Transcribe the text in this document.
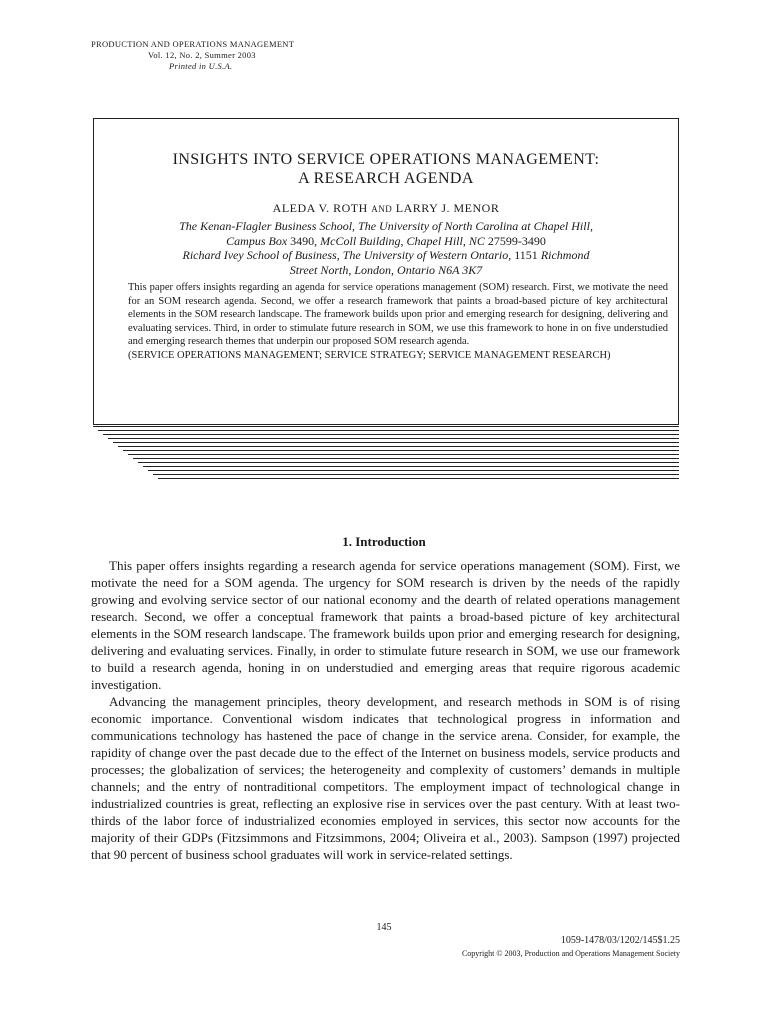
PRODUCTION AND OPERATIONS MANAGEMENT
Vol. 12, No. 2, Summer 2003
Printed in U.S.A.
INSIGHTS INTO SERVICE OPERATIONS MANAGEMENT:
A RESEARCH AGENDA
ALEDA V. ROTH AND LARRY J. MENOR
The Kenan-Flagler Business School, The University of North Carolina at Chapel Hill,
Campus Box 3490, McColl Building, Chapel Hill, NC 27599-3490
Richard Ivey School of Business, The University of Western Ontario, 1151 Richmond
Street North, London, Ontario N6A 3K7
This paper offers insights regarding an agenda for service operations management (SOM) research. First, we motivate the need for an SOM research agenda. Second, we offer a research framework that paints a broad-based picture of key architectural elements in the SOM research landscape. The framework builds upon prior and emerging research for designing, delivering and evaluating services. Third, in order to stimulate future research in SOM, we use this framework to hone in on five understudied and emerging research themes that underpin our proposed SOM research agenda.
(SERVICE OPERATIONS MANAGEMENT; SERVICE STRATEGY; SERVICE MANAGEMENT RESEARCH)
1. Introduction

This paper offers insights regarding a research agenda for service operations management (SOM). First, we motivate the need for a SOM agenda. The urgency for SOM research is driven by the needs of the rapidly growing and evolving service sector of our national economy and the dearth of related operations management research. Second, we offer a conceptual framework that paints a broad-based picture of key architectural elements in the SOM research landscape. The framework builds upon prior and emerging research for designing, delivering and evaluating services. Finally, in order to stimulate future research in SOM, we use our framework to build a research agenda, honing in on understudied and emerging areas that require rigorous academic investigation.

Advancing the management principles, theory development, and research methods in SOM is of rising economic importance. Conventional wisdom indicates that technological progress in information and communications technology has hastened the pace of change in the service arena. Consider, for example, the rapidity of change over the past decade due to the effect of the Internet on business models, service products and processes; the globalization of services; the heterogeneity and complexity of customers’ demands in multiple channels; and the entry of nontraditional competitors. The employment impact of technological change in industrialized countries is great, reflecting an explosive rise in services over the past century. With at least two-thirds of the labor force of industrialized economies employed in services, this sector now accounts for the majority of their GDPs (Fitzsimmons and Fitzsimmons, 2004; Oliveira et al., 2003). Sampson (1997) projected that 90 percent of business school graduates will work in service-related settings.

145
1059-1478/03/1202/145$1.25
Copyright © 2003, Production and Operations Management Society
